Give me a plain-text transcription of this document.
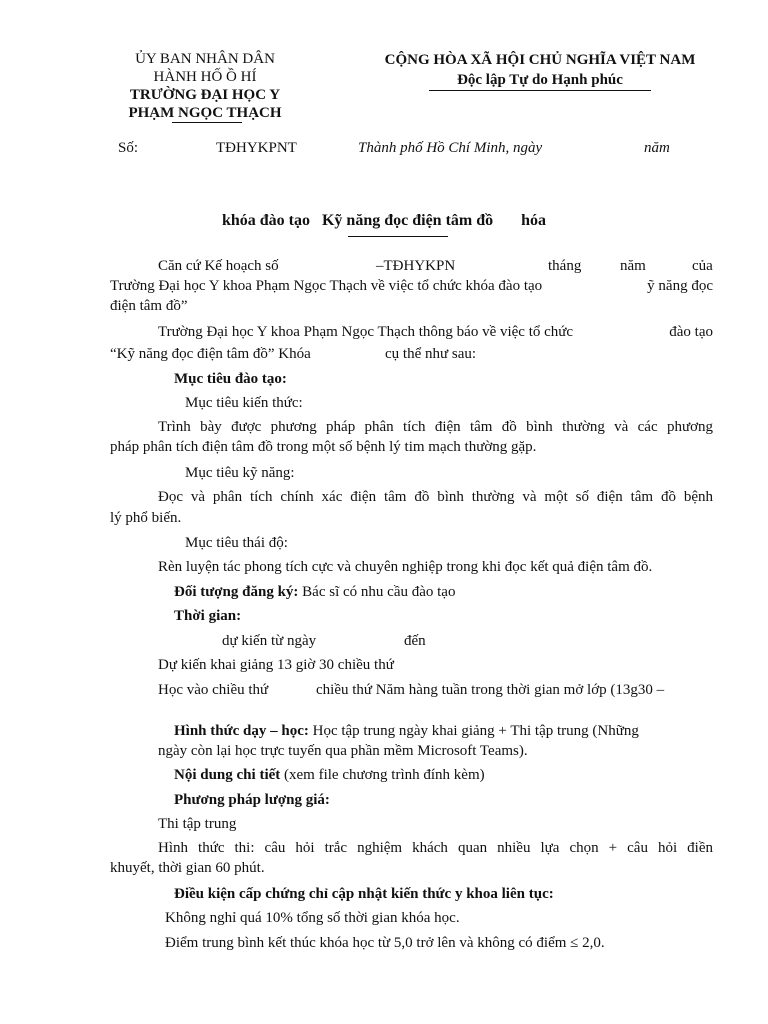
ỦY BAN NHÂN DÂN
HÀNH HỐ Ồ HÍ
TRƯỜNG ĐẠI HỌC Y
PHẠM NGỌC THẠCH
CỘNG HÒA XÃ HỘI CHỦ NGHĨA VIỆT NAM
Độc lập Tự do Hạnh phúc
Số:	TĐHYKPNT	Thành phố Hồ Chí Minh, ngày	năm
khóa đào tạo Kỹ năng đọc điện tâm đồ hóa
Căn cứ Kế hoạch số	–TĐHYKPN	tháng	năm	của
Trường Đại học Y khoa Phạm Ngọc Thạch về việc tổ chức khóa đào tạo	ỹ năng đọc
điện tâm đồ”
Trường Đại học Y khoa Phạm Ngọc Thạch thông báo về việc tổ chức	đào tạo
“Kỹ năng đọc điện tâm đồ” Khóa	cụ thể như sau:
Mục tiêu đào tạo:
Mục tiêu kiến thức:
Trình bày được phương pháp phân tích điện tâm đồ bình thường và các phương
pháp phân tích điện tâm đồ trong một số bệnh lý tim mạch thường gặp.
Mục tiêu kỹ năng:
Đọc và phân tích chính xác điện tâm đồ bình thường và một số điện tâm đồ bệnh
lý phổ biến.
Mục tiêu thái độ:
Rèn luyện tác phong tích cực và chuyên nghiệp trong khi đọc kết quả điện tâm đồ.
Đối tượng đăng ký: Bác sĩ có nhu cầu đào tạo
Thời gian:
dự kiến từ ngày	đến
Dự kiến khai giảng 13 giờ 30 chiều thứ
Học vào chiều thứ	chiều thứ Năm hàng tuần trong thời gian mở lớp (13g30 –
Hình thức dạy – học: Học tập trung ngày khai giảng + Thi tập trung (Những
ngày còn lại học trực tuyến qua phần mềm Microsoft Teams).
Nội dung chi tiết (xem file chương trình đính kèm)
Phương pháp lượng giá:
Thi tập trung
Hình thức thi: câu hỏi trắc nghiệm khách quan nhiều lựa chọn + câu hỏi điền
khuyết, thời gian 60 phút.
Điều kiện cấp chứng chỉ cập nhật kiến thức y khoa liên tục:
Không nghỉ quá 10% tổng số thời gian khóa học.
Điểm trung bình kết thúc khóa học từ 5,0 trở lên và không có điểm ≤ 2,0.
